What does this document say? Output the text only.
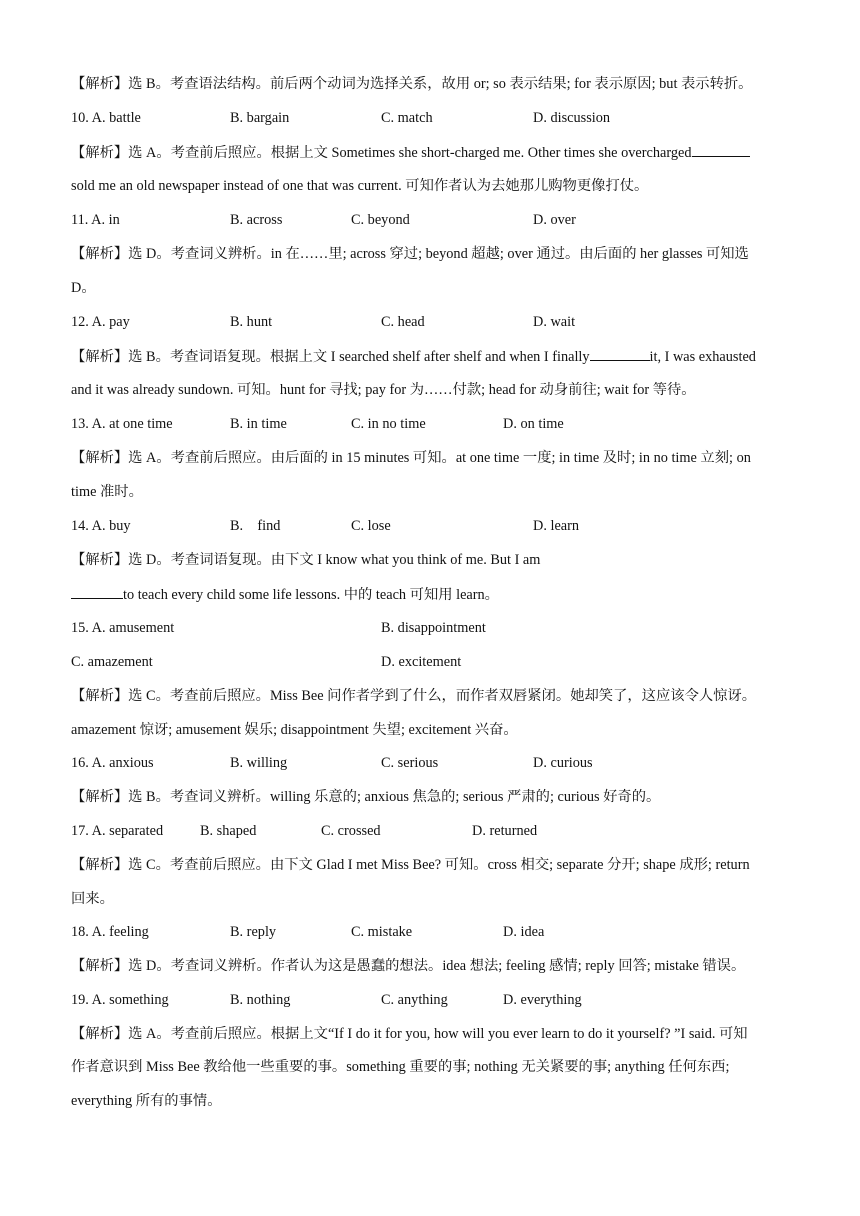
【解析】选 B。考查语法结构。前后两个动词为选择关系，故用 or; so 表示结果; for 表示原因; but 表示转折。
10. A. battle	B. bargain	C. match	D. discussion
【解析】选 A。考查前后照应。根据上文 Sometimes she short-charged me. Other times she overcharged
sold me an old newspaper instead of one that was current. 可知作者认为去她那儿购物更像打仗。
11. A. in	B. across	C. beyond	D. over
【解析】选 D。考查词义辨析。in 在……里; across 穿过; beyond 超越; over 通过。由后面的 her glasses 可知选
D。
12. A. pay	B. hunt	C. head	D. wait
【解析】选 B。考查词语复现。根据上文 I searched shelf after shelf and when I finally	it, I was exhausted
and it was already sundown. 可知。hunt for 寻找; pay for 为……付款; head for 动身前往; wait for 等待。
13. A. at one time	B. in time	C. in no time	D. on time
【解析】选 A。考查前后照应。由后面的 in 15 minutes 可知。at one time 一度; in time 及时; in no time 立刻; on
time 准时。
14. A. buy	B.    find	C. lose	D. learn
【解析】选 D。考查词语复现。由下文 I know what you think of me. But I am
to teach every child some life lessons. 中的 teach 可知用 learn。
15. A. amusement	B. disappointment
C. amazement	D. excitement
【解析】选 C。考查前后照应。Miss Bee 问作者学到了什么，而作者双唇紧闭。她却笑了，这应该令人惊讶。
amazement 惊讶; amusement 娱乐; disappointment 失望; excitement 兴奋。
16. A. anxious	B. willing	C. serious	D. curious
【解析】选 B。考查词义辨析。willing 乐意的; anxious 焦急的; serious 严肃的; curious 好奇的。
17. A. separated	B. shaped	C. crossed	D. returned
【解析】选 C。考查前后照应。由下文 Glad I met Miss Bee? 可知。cross 相交; separate 分开; shape 成形; return
回来。
18. A. feeling	B. reply	C. mistake	D. idea
【解析】选 D。考查词义辨析。作者认为这是愚蠢的想法。idea 想法; feeling 感情; reply 回答; mistake 错误。
19. A. something	B. nothing	C. anything	D. everything
【解析】选 A。考查前后照应。根据上文“If I do it for you, how will you ever learn to do it yourself? ”I said. 可知
作者意识到 Miss Bee 教给他一些重要的事。something 重要的事; nothing 无关紧要的事; anything 任何东西;
everything 所有的事情。
